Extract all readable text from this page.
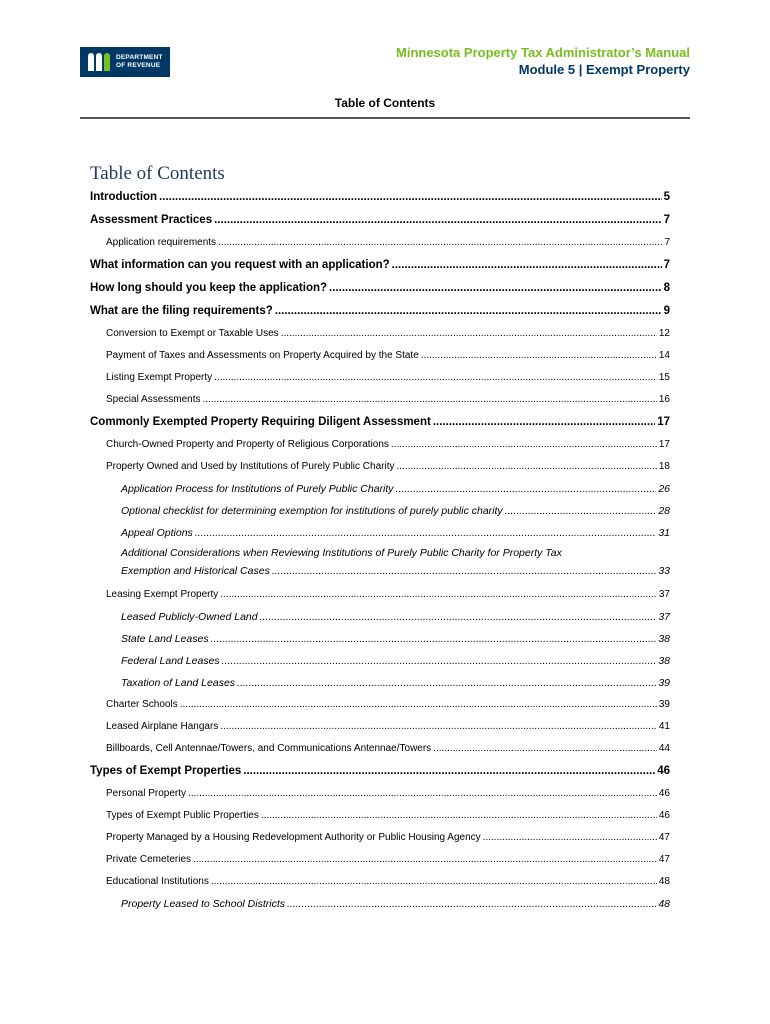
DEPARTMENT
OF REVENUE
Minnesota Property Tax Administrator’s Manual
Module 5 | Exempt Property
Table of Contents
Table of Contents
Introduction .....	5
Assessment Practices .....	7
Application requirements .....	7
What information can you request with an application? .....	7
How long should you keep the application? .....	8
What are the filing requirements? .....	9
Conversion to Exempt or Taxable Uses .....	12
Payment of Taxes and Assessments on Property Acquired by the State .....	14
Listing Exempt Property .....	15
Special Assessments .....	16
Commonly Exempted Property Requiring Diligent Assessment .....	17
Church-Owned Property and Property of Religious Corporations .....	17
Property Owned and Used by Institutions of Purely Public Charity .....	18
Application Process for Institutions of Purely Public Charity .....	26
Optional checklist for determining exemption for institutions of purely public charity .....	28
Appeal Options .....	31
Additional Considerations when Reviewing Institutions of Purely Public Charity for Property Tax
Exemption and Historical Cases .....	33
Leasing Exempt Property .....	37
Leased Publicly-Owned Land .....	37
State Land Leases .....	38
Federal Land Leases .....	38
Taxation of Land Leases .....	39
Charter Schools .....	39
Leased Airplane Hangars .....	41
Billboards, Cell Antennae/Towers, and Communications Antennae/Towers .....	44
Types of Exempt Properties .....	46
Personal Property .....	46
Types of Exempt Public Properties .....	46
Property Managed by a Housing Redevelopment Authority or Public Housing Agency .....	47
Private Cemeteries .....	47
Educational Institutions .....	48
Property Leased to School Districts .....	48
